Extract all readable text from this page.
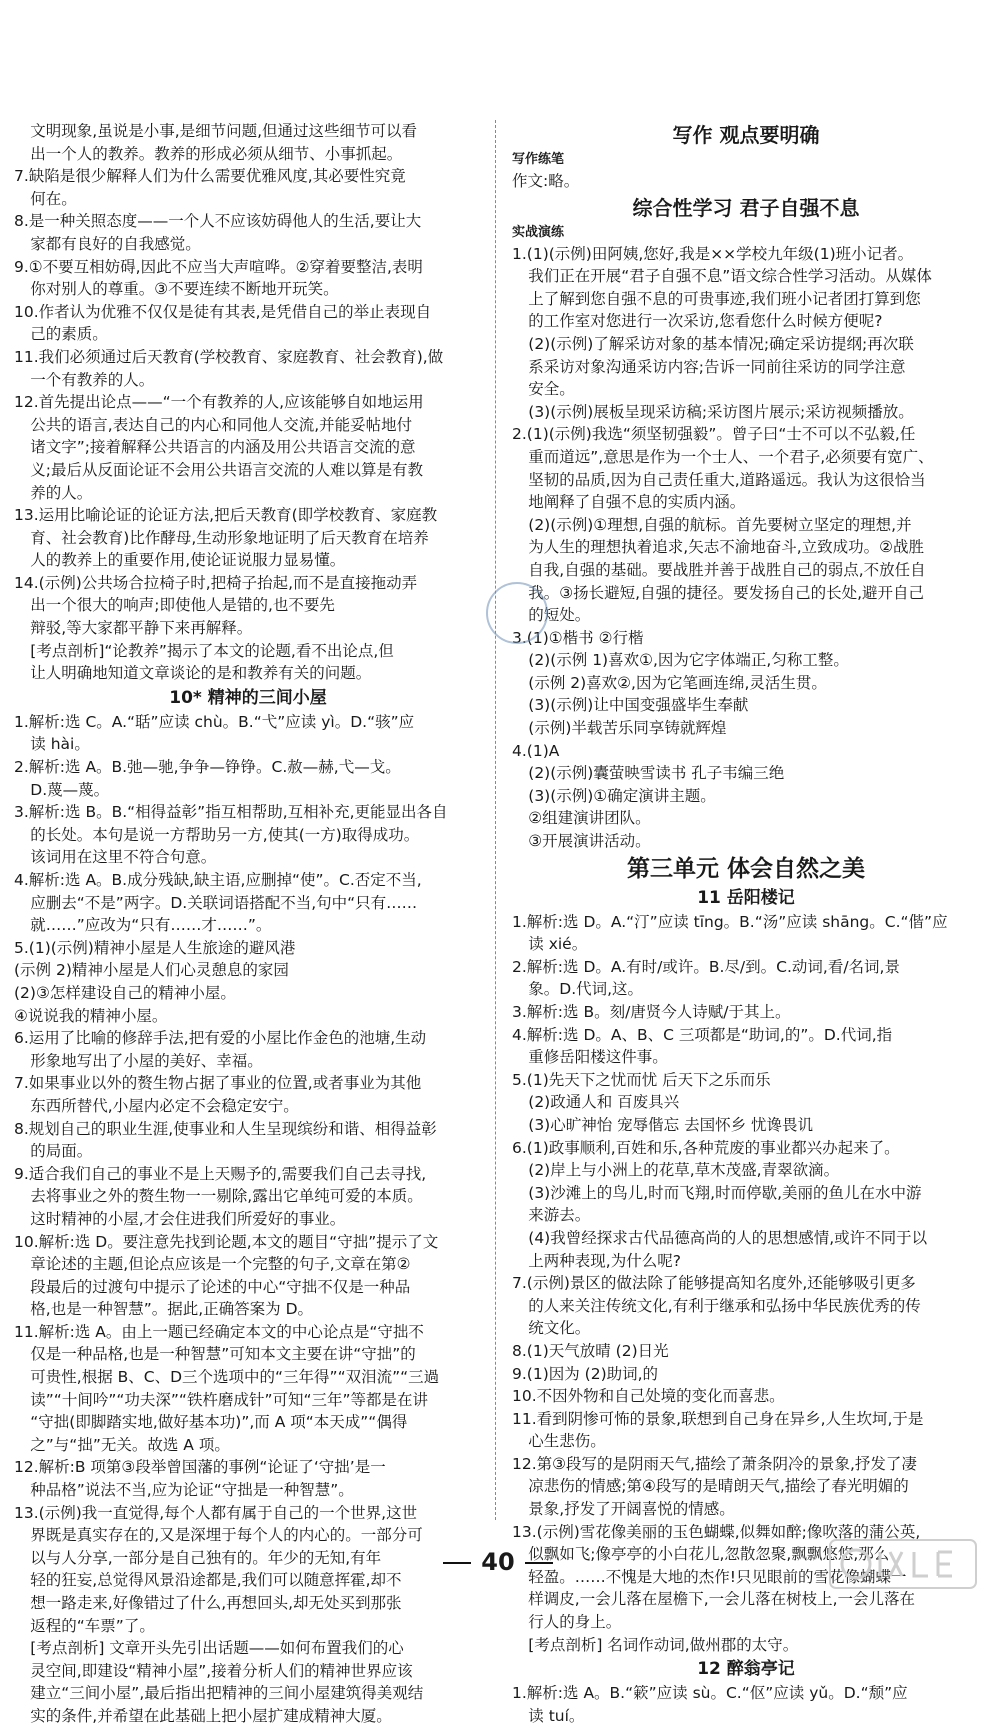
文明现象,虽说是小事,是细节问题,但通过这些细节可以看
出一个人的教养。教养的形成必须从细节、小事抓起。
7.缺陷是很少解释人们为什么需要优雅风度,其必要性究竟
何在。
8.是一种关照态度——一个人不应该妨碍他人的生活,要让大
家都有良好的自我感觉。
9.①不要互相妨碍,因此不应当大声喧哗。②穿着要整洁,表明
你对别人的尊重。③不要连续不断地开玩笑。
10.作者认为优雅不仅仅是徒有其表,是凭借自己的举止表现自
己的素质。
11.我们必须通过后天教育(学校教育、家庭教育、社会教育),做
一个有教养的人。
12.首先提出论点——“一个有教养的人,应该能够自如地运用
公共的语言,表达自己的内心和同他人交流,并能妥帖地付
诸文字”;接着解释公共语言的内涵及用公共语言交流的意
义;最后从反面论证不会用公共语言交流的人难以算是有教
养的人。
13.运用比喻论证的论证方法,把后天教育(即学校教育、家庭教
育、社会教育)比作酵母,生动形象地证明了后天教育在培养
人的教养上的重要作用,使论证说服力显易懂。
14.(示例)公共场合拉椅子时,把椅子抬起,而不是直接拖动弄
出一个很大的响声;即使他人是错的,也不要先
辩驳,等大家都平静下来再解释。
[考点剖析]“论教养”揭示了本文的论题,看不出论点,但
让人明确地知道文章谈论的是和教养有关的问题。
10* 精神的三间小屋
1.解析:选 C。A.“聒”应读 chù。B.“弋”应读 yì。D.“骇”应
读 hài。
2.解析:选 A。B.弛—驰,争争—铮铮。C.赦—赫,弋—戈。
D.蔑—蔑。
3.解析:选 B。B.“相得益彰”指互相帮助,互相补充,更能显出各自
的长处。本句是说一方帮助另一方,使其(一方)取得成功。
该词用在这里不符合句意。
4.解析:选 A。B.成分残缺,缺主语,应删掉“使”。C.否定不当,
应删去“不是”两字。D.关联词语搭配不当,句中“只有……
就……”应改为“只有……才……”。
5.(1)(示例)精神小屋是人生旅途的避风港
(示例 2)精神小屋是人们心灵憩息的家园
(2)③怎样建设自己的精神小屋。
④说说我的精神小屋。
6.运用了比喻的修辞手法,把有爱的小屋比作金色的池塘,生动
形象地写出了小屋的美好、幸福。
7.如果事业以外的赘生物占据了事业的位置,或者事业为其他
东西所替代,小屋内必定不会稳定安宁。
8.规划自己的职业生涯,使事业和人生呈现缤纷和谐、相得益彰
的局面。
9.适合我们自己的事业不是上天赐予的,需要我们自己去寻找,
去将事业之外的赘生物一一剔除,露出它单纯可爱的本质。
这时精神的小屋,才会住进我们所爱好的事业。
10.解析:选 D。要注意先找到论题,本文的题目“守拙”提示了文
章论述的主题,但论点应该是一个完整的句子,文章在第②
段最后的过渡句中提示了论述的中心“守拙不仅是一种品
格,也是一种智慧”。据此,正确答案为 D。
11.解析:选 A。由上一题已经确定本文的中心论点是“守拙不
仅是一种品格,也是一种智慧”可知本文主要在讲“守拙”的
可贵性,根据 B、C、D三个选项中的“三年得”“双泪流”“三過
读”“十间吟”“功夫深”“铁杵磨成针”可知“三年”等都是在讲
“守拙(即脚踏实地,做好基本功)”,而 A 项“本天成”“偶得
之”与“拙”无关。故选 A 项。
12.解析:B 项第③段举曾国藩的事例“论证了‘守拙’是一
种品格”说法不当,应为论证“守拙是一种智慧”。
13.(示例)我一直觉得,每个人都有属于自己的一个世界,这世
界既是真实存在的,又是深埋于每个人的内心的。一部分可
以与人分享,一部分是自己独有的。年少的无知,有年
轻的狂妄,总觉得风景沿途都是,我们可以随意挥霍,却不
想一路走来,好像错过了什么,再想回头,却无处买到那张
返程的“车票”了。
[考点剖析] 文章开头先引出话题——如何布置我们的心
灵空间,即建设“精神小屋”,接着分析人们的精神世界应该
建立“三间小屋”,最后指出把精神的三间小屋建筑得美观结
实的条件,并希望在此基础上把小屋扩建成精神大厦。
写作 观点要明确
写作练笔
作文:略。
综合性学习 君子自强不息
实战演练
1.(1)(示例)田阿姨,您好,我是××学校九年级(1)班小记者。
我们正在开展“君子自强不息”语文综合性学习活动。从媒体
上了解到您自强不息的可贵事迹,我们班小记者团打算到您
的工作室对您进行一次采访,您看您什么时候方便呢?
(2)(示例)了解采访对象的基本情况;确定采访提纲;再次联
系采访对象沟通采访内容;告诉一同前往采访的同学注意
安全。
(3)(示例)展板呈现采访稿;采访图片展示;采访视频播放。
2.(1)(示例)我选“须坚韧强毅”。曾子曰“士不可以不弘毅,任
重而道远”,意思是作为一个士人、一个君子,必须要有宽广、
坚韧的品质,因为自己责任重大,道路遥远。我认为这很恰当
地阐释了自强不息的实质内涵。
(2)(示例)①理想,自强的航标。首先要树立坚定的理想,并
为人生的理想执着追求,矢志不渝地奋斗,立致成功。②战胜
自我,自强的基础。要战胜并善于战胜自己的弱点,不放任自
我。③扬长避短,自强的捷径。要发扬自己的长处,避开自己
的短处。
3.(1)①楷书 ②行楷
(2)(示例 1)喜欢①,因为它字体端正,匀称工整。
(示例 2)喜欢②,因为它笔画连绵,灵活生贯。
(3)(示例)让中国变强盛毕生奉献
(示例)半载苦乐同享铸就辉煌
4.(1)A
(2)(示例)囊萤映雪读书 孔子韦编三绝
(3)(示例)①确定演讲主题。
②组建演讲团队。
③开展演讲活动。
第三单元 体会自然之美
11 岳阳楼记
1.解析:选 D。A.“汀”应读 tīng。B.“汤”应读 shāng。C.“偕”应
读 xié。
2.解析:选 D。A.有时/或许。B.尽/到。C.动词,看/名词,景
象。D.代词,这。
3.解析:选 B。刻/唐贤今人诗赋/于其上。
4.解析:选 D。A、B、C 三项都是“助词,的”。D.代词,指
重修岳阳楼这件事。
5.(1)先天下之忧而忧 后天下之乐而乐
(2)政通人和 百废具兴
(3)心旷神怡 宠辱偕忘 去国怀乡 忧谗畏讥
6.(1)政事顺利,百姓和乐,各种荒废的事业都兴办起来了。
(2)岸上与小洲上的花草,草木茂盛,青翠欲滴。
(3)沙滩上的鸟儿,时而飞翔,时而停歇,美丽的鱼儿在水中游
来游去。
(4)我曾经探求古代品德高尚的人的思想感情,或许不同于以
上两种表现,为什么呢?
7.(示例)景区的做法除了能够提高知名度外,还能够吸引更多
的人来关注传统文化,有利于继承和弘扬中华民族优秀的传
统文化。
8.(1)天气放晴 (2)日光
9.(1)因为 (2)助词,的
10.不因外物和自己处境的变化而喜悲。
11.看到阴惨可怖的景象,联想到自己身在异乡,人生坎坷,于是
心生悲伤。
12.第③段写的是阴雨天气,描绘了萧条阴冷的景象,抒发了凄
凉悲伤的情感;第④段写的是晴朗天气,描绘了春光明媚的
景象,抒发了开阔喜悦的情感。
13.(示例)雪花像美丽的玉色蝴蝶,似舞如醉;像吹落的蒲公英,
似飘如飞;像亭亭的小白花儿,忽散忽聚,飘飘悠悠,那么
轻盈。……不愧是大地的杰作!只见眼前的雪花像蝴蝶一
样调皮,一会儿落在屋檐下,一会儿落在树枝上,一会儿落在
行人的身上。
[考点剖析] 名词作动词,做州郡的太守。
12 醉翁亭记
1.解析:选 A。B.“簌”应读 sù。C.“伛”应读 yǔ。D.“颓”应
读 tuí。
40
